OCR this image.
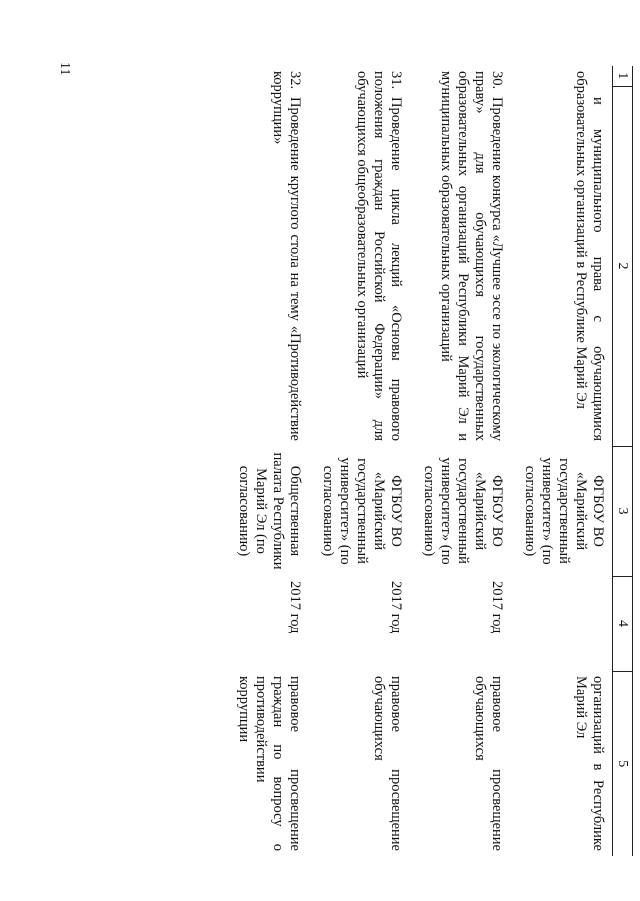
11
1	2	3	4	5
и муниципального права с обучающимися образовательных организаций в Республике Марий Эл		ФГБОУ ВО «Марийский государственный университет» (по согласованию)		организаций в Республике Марий Эл
30.Проведение конкурса «Лучшее эссе по экологическому праву» для обучающихся государственных образовательных организаций Республики Марий Эл и муниципальных образовательных организаций		ФГБОУ ВО «Марийский государственный университет» (по согласованию)	2017 год	правовое просвещение обучающихся
31.Проведение цикла лекций «Основы правового положения граждан Российской Федерации» для обучающихся общеобразовательных организаций		ФГБОУ ВО «Марийский государственный университет» (по согласованию)	2017 год	правовое просвещение обучающихся
32.Проведение круглого стола на тему «Противодействие коррупции»		Общественная палата Республики Марий Эл (по согласованию)	2017 год	правовое просвещение граждан по вопросу о противодействии коррупции
